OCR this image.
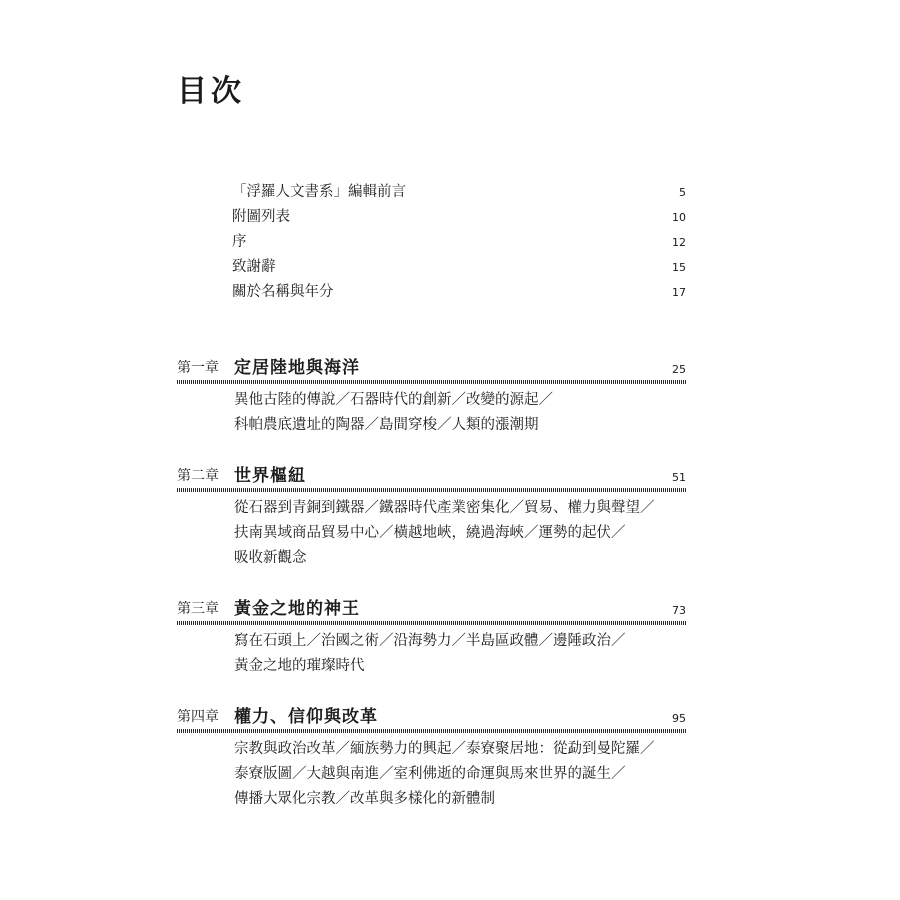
目次
「浮羅人文書系」編輯前言	5
附圖列表	10
序	12
致謝辭	15
關於名稱與年分	17
第一章 定居陸地與海洋	25
異他古陸的傳說／石器時代的創新／改變的源起／
科帕農底遺址的陶器／島間穿梭／人類的漲潮期
第二章 世界樞紐	51
從石器到青銅到鐵器／鐵器時代產業密集化／貿易、權力與聲望／
扶南異域商品貿易中心／橫越地峽，繞過海峽／運勢的起伏／
吸收新觀念
第三章 黃金之地的神王	73
寫在石頭上／治國之術／沿海勢力／半島區政體／邊陲政治／
黃金之地的璀璨時代
第四章 權力、信仰與改革	95
宗教與政治改革／緬族勢力的興起／泰寮聚居地：從勐到曼陀羅／
泰寮版圖／大越與南進／室利佛逝的命運與馬來世界的誕生／
傳播大眾化宗教／改革與多樣化的新體制
